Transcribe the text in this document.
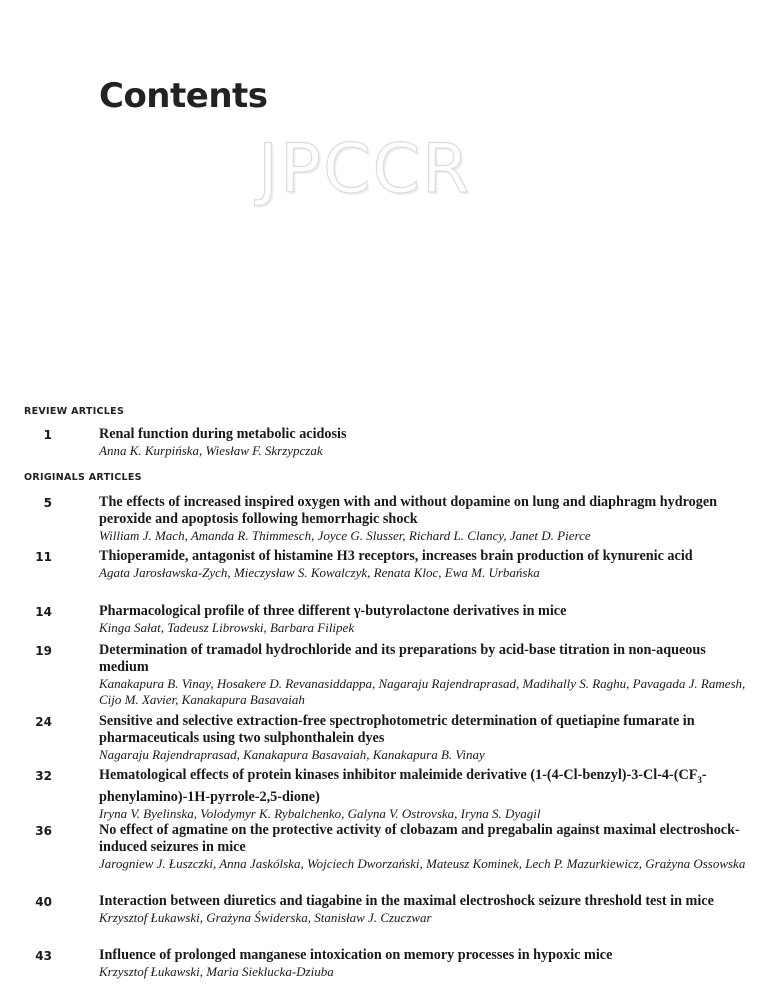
Contents
JPCCR
REVIEW ARTICLES
1	Renal function during metabolic acidosis
Anna K. Kurpińska, Wiesław F. Skrzypczak
ORIGINALS ARTICLES
5	The effects of increased inspired oxygen with and without dopamine on lung and diaphragm hydrogen peroxide and apoptosis following hemorrhagic shock
William J. Mach, Amanda R. Thimmesch, Joyce G. Slusser, Richard L. Clancy, Janet D. Pierce
11	Thioperamide, antagonist of histamine H3 receptors, increases brain production of kynurenic acid
Agata Jarosławska-Zych, Mieczysław S. Kowalczyk, Renata Kloc, Ewa M. Urbańska
14	Pharmacological profile of three different γ-butyrolactone derivatives in mice
Kinga Sałat, Tadeusz Librowski, Barbara Filipek
19	Determination of tramadol hydrochloride and its preparations by acid-base titration in non-aqueous medium
Kanakapura B. Vinay, Hosakere D. Revanasiddappa, Nagaraju Rajendraprasad, Madihally S. Raghu, Pavagada J. Ramesh, Cijo M. Xavier, Kanakapura Basavaiah
24	Sensitive and selective extraction-free spectrophotometric determination of quetiapine fumarate in pharmaceuticals using two sulphonthalein dyes
Nagaraju Rajendraprasad, Kanakapura Basavaiah, Kanakapura B. Vinay
32	Hematological effects of protein kinases inhibitor maleimide derivative $(1-(4-Cl-benzyl)-3-Cl-4-(CF_3-phenylamino)-1H-pyrrole-2,5-dione)$
Iryna V. Byelinska, Volodymyr K. Rybalchenko, Galyna V. Ostrovska, Iryna S. Dyagil
36	No effect of agmatine on the protective activity of clobazam and pregabalin against maximal electroshock-induced seizures in mice
Jarogniew J. Łuszczki, Anna Jaskólska, Wojciech Dworzański, Mateusz Kominek, Lech P. Mazurkiewicz, Grażyna Ossowska
40	Interaction between diuretics and tiagabine in the maximal electroshock seizure threshold test in mice
Krzysztof Łukawski, Grażyna Świderska, Stanisław J. Czuczwar
43	Influence of prolonged manganese intoxication on memory processes in hypoxic mice
Krzysztof Łukawski, Maria Sieklucka-Dziuba
